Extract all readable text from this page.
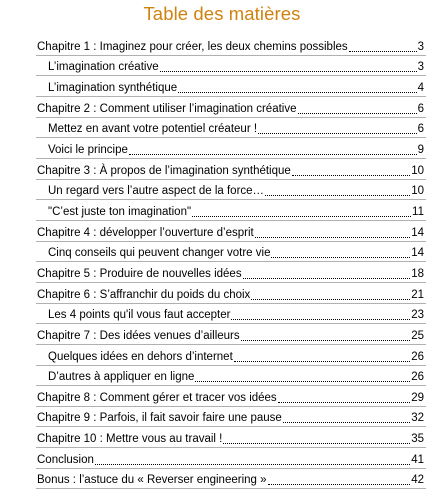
Table des matières
Chapitre 1 : Imaginez pour créer, les deux chemins possibles	3
L’imagination créative	3
L’imagination synthétique	4
Chapitre 2 : Comment utiliser l’imagination créative	6
Mettez en avant votre potentiel créateur !	6
Voici le principe	9
Chapitre 3 : À propos de l’imagination synthétique	10
Un regard vers l’autre aspect de la force…	10
"C’est juste ton imagination"	11
Chapitre 4 : développer l’ouverture d’esprit	14
Cinq conseils qui peuvent changer votre vie	14
Chapitre 5 : Produire de nouvelles idées	18
Chapitre 6 : S’affranchir du poids du choix	21
Les 4 points qu'il vous faut accepter	23
Chapitre 7 : Des idées venues d’ailleurs	25
Quelques idées en dehors d’internet	26
D’autres à appliquer en ligne	26
Chapitre 8 : Comment gérer et tracer vos idées	29
Chapitre 9 : Parfois, il fait savoir faire une pause	32
Chapitre 10 : Mettre vous au travail !	35
Conclusion	41
Bonus : l’astuce du « Reverser engineering »	42
